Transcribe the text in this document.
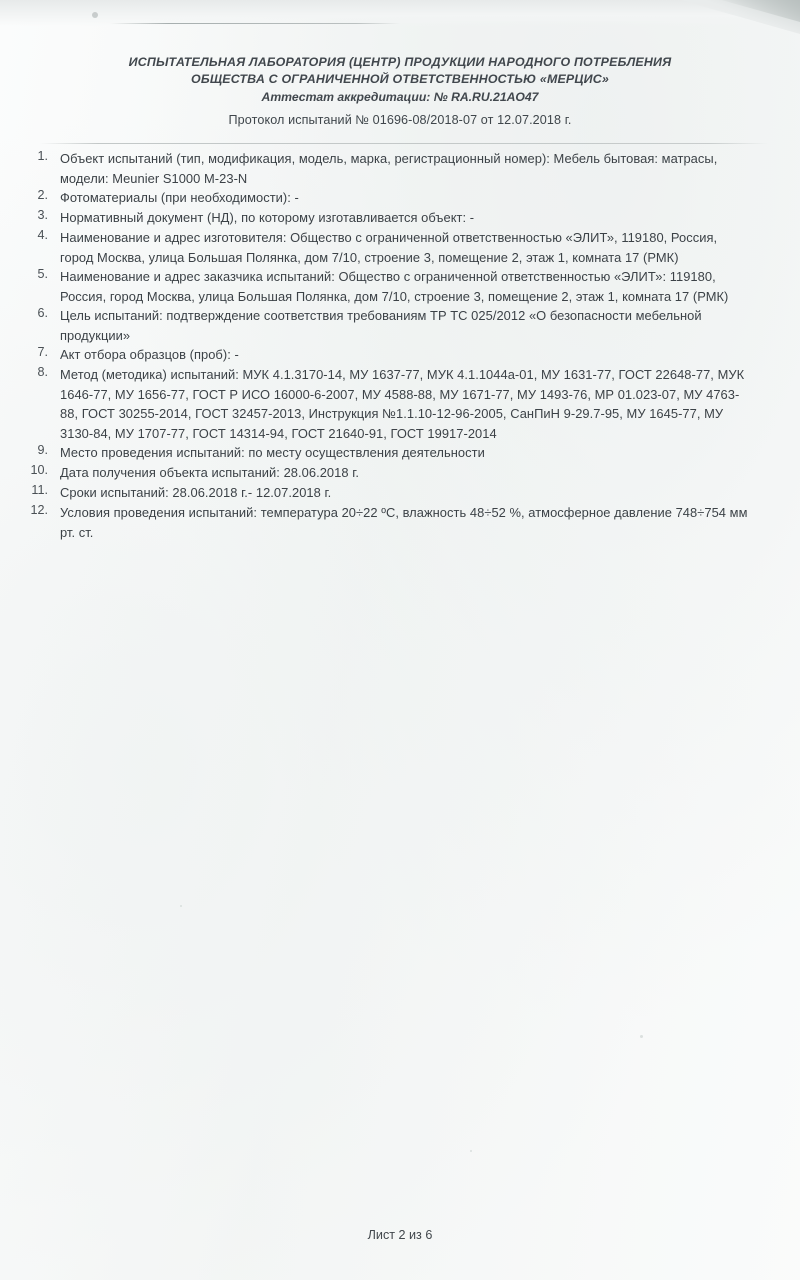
ИСПЫТАТЕЛЬНАЯ ЛАБОРАТОРИЯ (ЦЕНТР) ПРОДУКЦИИ НАРОДНОГО ПОТРЕБЛЕНИЯ
ОБЩЕСТВА С ОГРАНИЧЕННОЙ ОТВЕТСТВЕННОСТЬЮ «МЕРЦИС»
Аттестат аккредитации: № RA.RU.21AO47
Протокол испытаний № 01696-08/2018-07 от 12.07.2018 г.
1. Объект испытаний (тип, модификация, модель, марка, регистрационный номер): Мебель бытовая: матрасы, модели: Meunier S1000 M-23-N
2. Фотоматериалы (при необходимости): -
3. Нормативный документ (НД), по которому изготавливается объект: -
4. Наименование и адрес изготовителя: Общество с ограниченной ответственностью «ЭЛИТ», 119180, Россия, город Москва, улица Большая Полянка, дом 7/10, строение 3, помещение 2, этаж 1, комната 17 (РМК)
5. Наименование и адрес заказчика испытаний: Общество с ограниченной ответственностью «ЭЛИТ»: 119180, Россия, город Москва, улица Большая Полянка, дом 7/10, строение 3, помещение 2, этаж 1, комната 17 (РМК)
6. Цель испытаний: подтверждение соответствия требованиям ТР ТС 025/2012 «О безопасности мебельной продукции»
7. Акт отбора образцов (проб): -
8. Метод (методика) испытаний: МУК 4.1.3170-14, МУ 1637-77, МУК 4.1.1044а-01, МУ 1631-77, ГОСТ 22648-77, МУК 1646-77, МУ 1656-77, ГОСТ Р ИСО 16000-6-2007, МУ 4588-88, МУ 1671-77, МУ 1493-76, МР 01.023-07, МУ 4763-88, ГОСТ 30255-2014, ГОСТ 32457-2013, Инструкция №1.1.10-12-96-2005, СанПиН 9-29.7-95, МУ 1645-77, МУ 3130-84, МУ 1707-77, ГОСТ 14314-94, ГОСТ 21640-91, ГОСТ 19917-2014
9. Место проведения испытаний: по месту осуществления деятельности
10. Дата получения объекта испытаний: 28.06.2018 г.
11. Сроки испытаний: 28.06.2018 г.- 12.07.2018 г.
12. Условия проведения испытаний: температура 20÷22 ºС, влажность 48÷52 %, атмосферное давление 748÷754 мм рт. ст.
Лист 2 из 6
